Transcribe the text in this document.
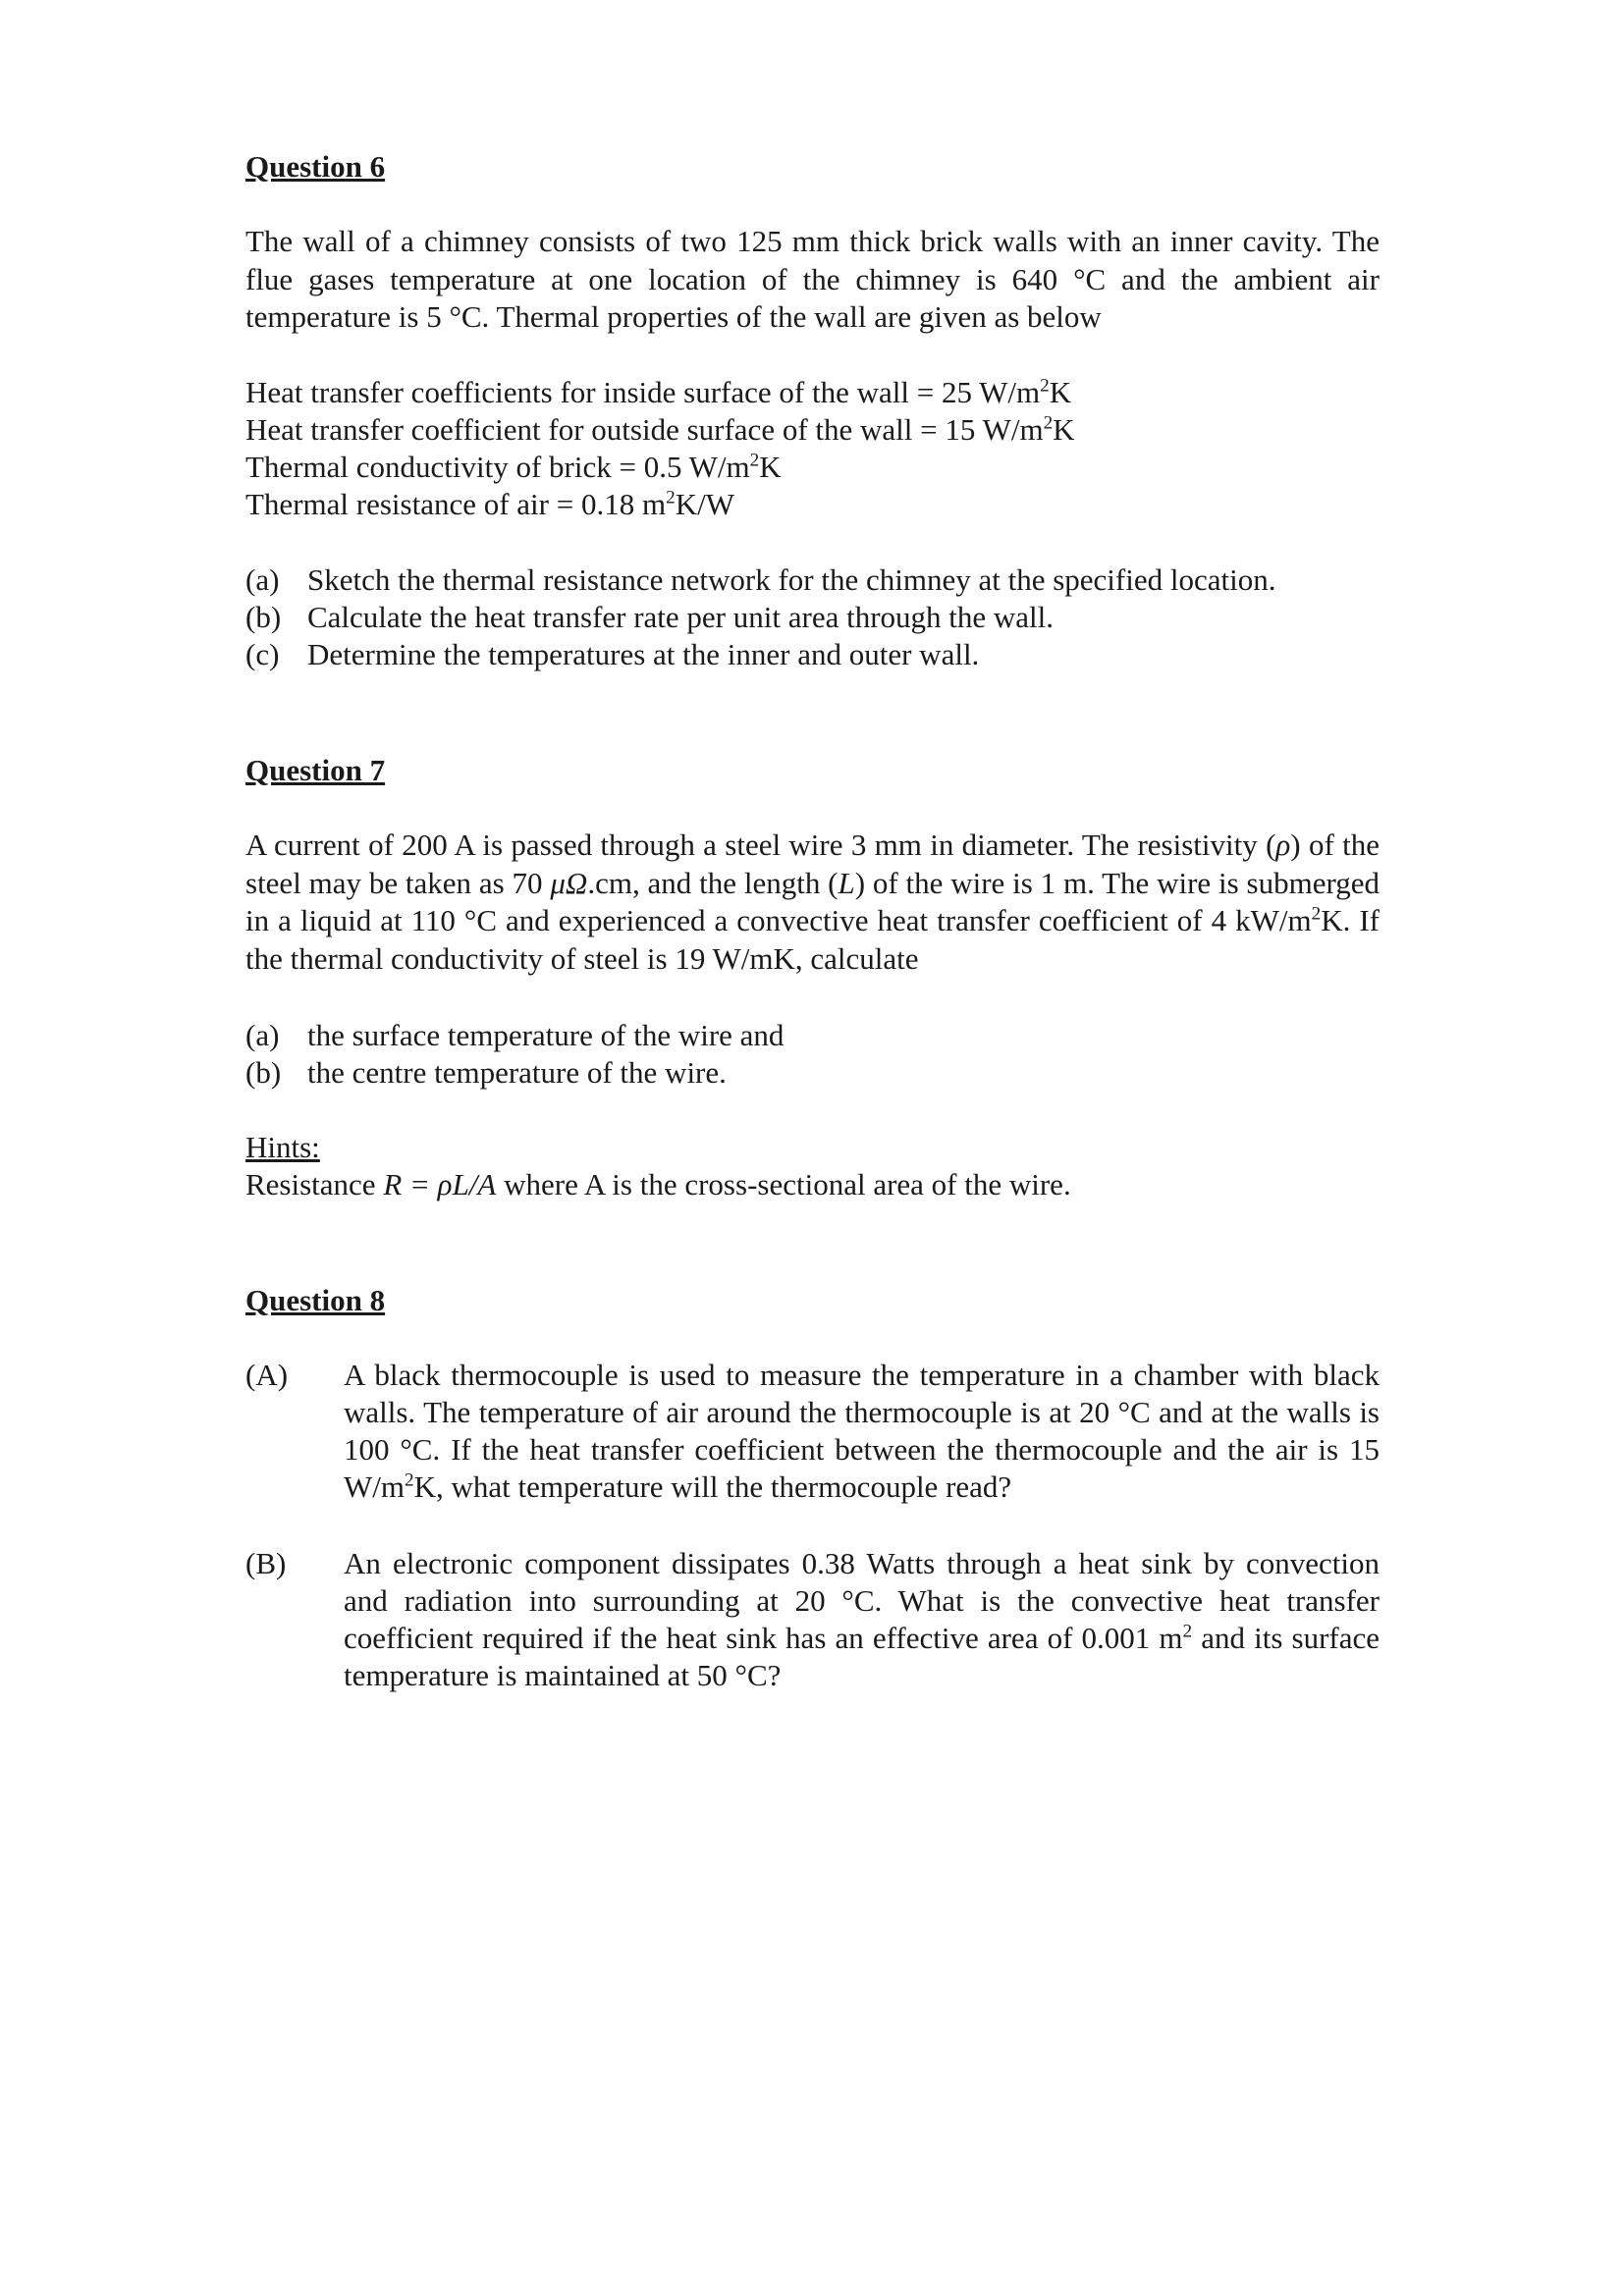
Question 6
The wall of a chimney consists of two 125 mm thick brick walls with an inner cavity. The flue gases temperature at one location of the chimney is 640 °C and the ambient air temperature is 5 °C. Thermal properties of the wall are given as below
Heat transfer coefficients for inside surface of the wall = 25 $W/m^2K$
Heat transfer coefficient for outside surface of the wall = 15 $W/m^2K$
Thermal conductivity of brick = 0.5 $W/m^2K$
Thermal resistance of air = 0.18 $m^2K/W$
(a) Sketch the thermal resistance network for the chimney at the specified location.
(b) Calculate the heat transfer rate per unit area through the wall.
(c) Determine the temperatures at the inner and outer wall.
Question 7
A current of 200 A is passed through a steel wire 3 mm in diameter. The resistivity (ρ) of the steel may be taken as 70 μΩ.cm, and the length (L) of the wire is 1 m. The wire is submerged in a liquid at 110 °C and experienced a convective heat transfer coefficient of 4 $kW/m^2K$. If the thermal conductivity of steel is 19 W/mK, calculate
(a) the surface temperature of the wire and
(b) the centre temperature of the wire.
Hints:
Resistance R = ρL/A where A is the cross-sectional area of the wire.
Question 8
(A) A black thermocouple is used to measure the temperature in a chamber with black walls. The temperature of air around the thermocouple is at 20 °C and at the walls is 100 °C. If the heat transfer coefficient between the thermocouple and the air is 15 $W/m^2K$, what temperature will the thermocouple read?
(B) An electronic component dissipates 0.38 Watts through a heat sink by convection and radiation into surrounding at 20 °C. What is the convective heat transfer coefficient required if the heat sink has an effective area of 0.001 $m^2$ and its surface temperature is maintained at 50 °C?
